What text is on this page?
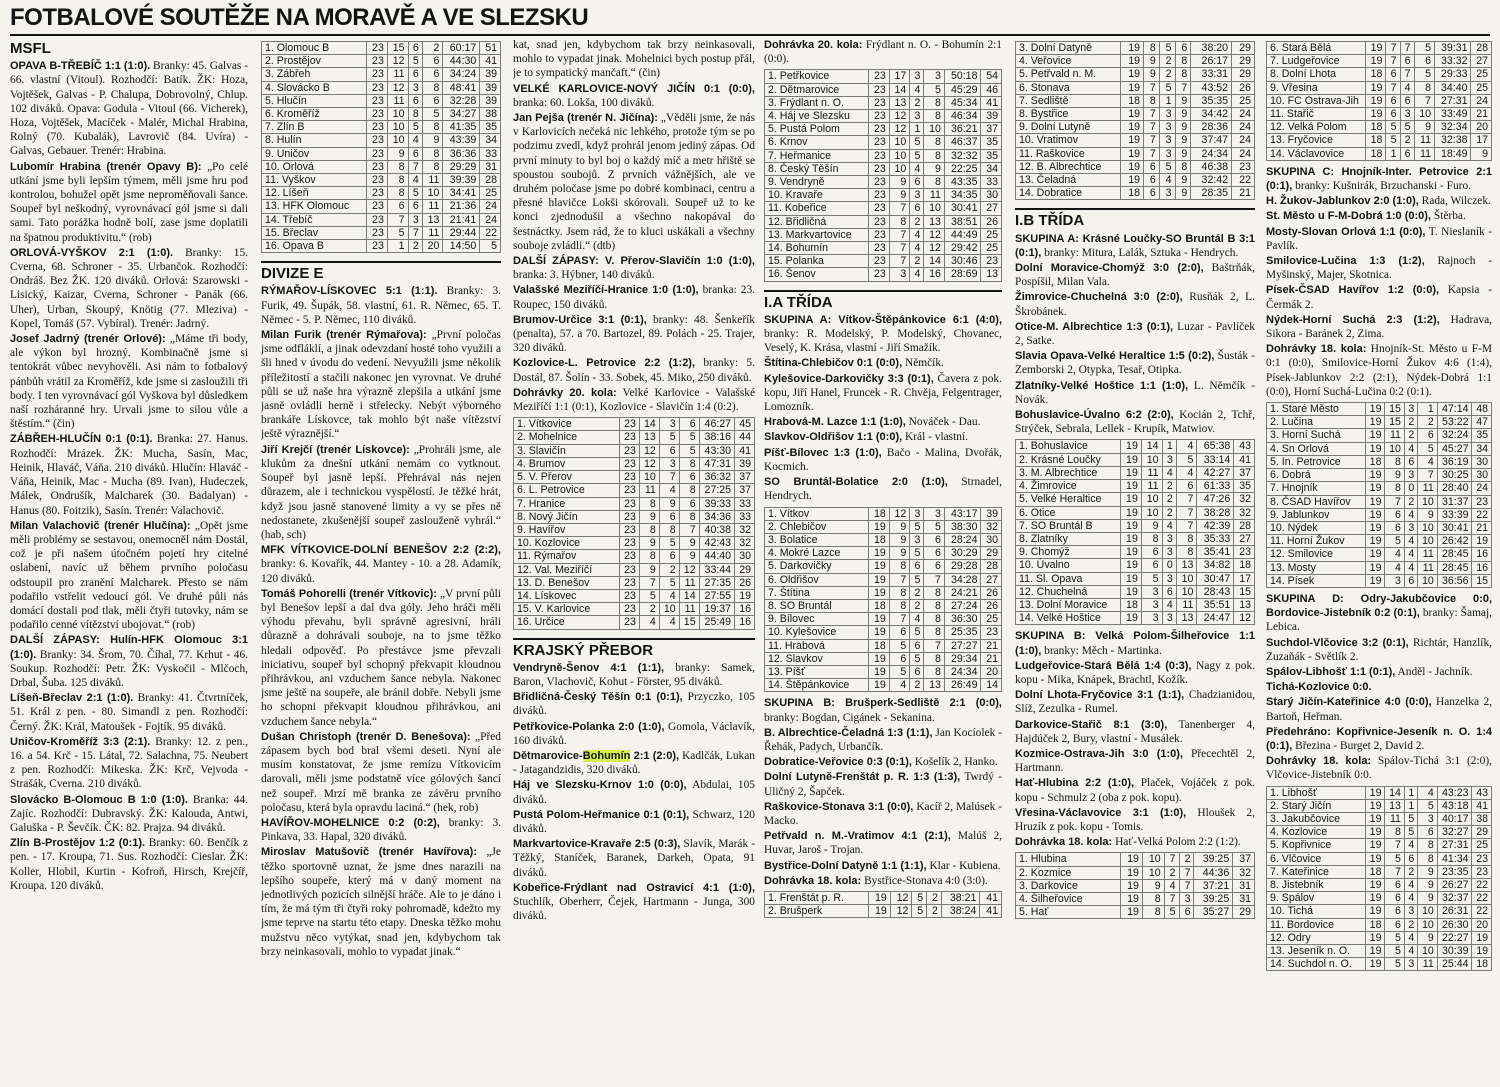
FOTBALOVÉ SOUTĚŽE NA MORAVĚ A VE SLEZSKU
MSFL

OPAVA B-TŘEBÍČ 1:1 (1:0). Branky: 45. Galvas - 66. vlastní (Vitoul). Rozhodčí: Batík. ŽK: Hoza, Vojtěšek, Galvas - P. Chalupa, Dobrovolný, Chlup. 102 diváků. Opava: Godula - Vitoul (66. Vicherek), Hoza, Vojtěšek, Macíček - Malér, Michal Hrabina, Rolný (70. Kubalák), Lavrovič (84. Uvíra) - Galvas, Gebauer. Trenér: Hrabina.

Lubomír Hrabina (trenér Opavy B): „Po celé utkání jsme byli lepším týmem, měli jsme hru pod kontrolou, bohužel opět jsme neproměňovali šance. Soupeř byl neškodný, vyrovnávací gól jsme si dali sami. Tato porážka hodně bolí, zase jsme doplatili na špatnou produktivitu.“ (rob)

ORLOVÁ-VYŠKOV 2:1 (1:0). Branky: 15. Cverna, 68. Schroner - 35. Urbančok. Rozhodčí: Ondráš. Bez ŽK. 120 diváků. Orlová: Szarowski - Lisický, Kaizar, Cverna, Schroner - Panák (66. Uher), Urban, Skoupý, Knötig (77. Mleziva) - Kopel, Tomáš (57. Vybíral). Trenér: Jadrný.

Josef Jadrný (trenér Orlové): „Máme tři body, ale výkon byl hrozný. Kombinačně jsme si tentokrát vůbec nevyhověli. Asi nám to fotbalový pánbůh vrátil za Kroměříž, kde jsme si zasloužili tři body. I ten vyrovnávací gól Vyškova byl důsledkem naší rozháranné hry. Urvali jsme to silou vůle a štěstím.“ (čin)

ZÁBŘEH-HLUČÍN 0:1 (0:1). Branka: 27. Hanus. Rozhodčí: Mrázek. ŽK: Mucha, Sasín, Mac, Heinik, Hlaváč, Váňa. 210 diváků. Hlučín: Hlaváč - Váňa, Heinik, Mac - Mucha (89. Ivan), Hudeczek, Málek, Ondrušík, Malcharek (30. Badalyan) - Hanus (80. Foitzik), Sasín. Trenér: Valachovič.

Milan Valachovič (trenér Hlučína): „Opět jsme měli problémy se sestavou, onemocněl nám Dostál, což je při našem útočném pojetí hry citelné oslabení, navíc už během prvního poločasu odstoupil pro zranění Malcharek. Přesto se nám podařilo vstřelit vedoucí gól. Ve druhé půli nás domácí dostali pod tlak, měli čtyři tutovky, nám se podařilo cenné vítězství ubojovat.“ (rob)

DALŠÍ ZÁPASY: Hulín-HFK Olomouc 3:1 (1:0). Branky: 34. Šrom, 70. Číhal, 77. Krhut - 46. Soukup. Rozhodčí: Petr. ŽK: Vyskočil - Mlčoch, Drbal, Šuba. 125 diváků.

Líšeň-Břeclav 2:1 (1:0). Branky: 41. Čtvrtníček, 51. Král z pen. - 80. Simandl z pen. Rozhodčí: Černý. ŽK: Král, Matoušek - Fojtík. 95 diváků.

Uničov-Kroměříž 3:3 (2:1). Branky: 12. z pen., 16. a 54. Krč - 15. Látal, 72. Salachna, 75. Neubert z pen. Rozhodčí: Mikeska. ŽK: Krč, Vejvoda - Strašák, Cverna. 210 diváků.

Slovácko B-Olomouc B 1:0 (1:0). Branka: 44. Zajíc. Rozhodčí: Dubravský. ŽK: Kalouda, Antwi, Galuška - P. Ševčík. ČK: 82. Prajza. 94 diváků.

Zlín B-Prostějov 1:2 (0:1). Branky: 60. Benčík z pen. - 17. Kroupa, 71. Sus. Rozhodčí: Cieslar. ŽK: Koller, Hlobil, Kurtin - Kofroň, Hirsch, Krejčíř, Kroupa. 120 diváků.

1. Olomouc B	23	15	6	2	60:17	51
2. Prostějov	23	12	5	6	44:30	41
3. Zábřeh	23	11	6	6	34:24	39
4. Slovácko B	23	12	3	8	48:41	39
5. Hlučín	23	11	6	6	32:28	39
6. Kroměříž	23	10	8	5	34:27	38
7. Zlín B	23	10	5	8	41:35	35
8. Hulín	23	10	4	9	43:39	34
9. Uničov	23	9	6	8	36:36	33
10. Orlová	23	8	7	8	29:29	31
11. Vyškov	23	8	4	11	39:39	28
12. Líšeň	23	8	5	10	34:41	25
13. HFK Olomouc	23	6	6	11	21:36	24
14. Třebíč	23	7	3	13	21:41	24
15. Břeclav	23	5	7	11	29:44	22
16. Opava B	23	1	2	20	14:50	5
DIVIZE E

RÝMAŘOV-LÍSKOVEC 5:1 (1:1). Branky: 3. Furik, 49. Šupák, 58. vlastní, 61. R. Němec, 65. T. Němec - 5. P. Němec, 110 diváků.

Milan Furik (trenér Rýmařova): „První poločas jsme odfláklí, a jinak odevzdaní hosté toho využili a šli hned v úvodu do vedení. Nevyužili jsme několik příležitostí a stačili nakonec jen vyrovnat. Ve druhé půli se už naše hra výrazně zlepšila a utkání jsme jasně ovládli herně i střelecky. Nebýt výborného brankáře Lískovce, tak mohlo být naše vítězství ještě výraznější.“

Jiří Krejčí (trenér Lískovce): „Prohráli jsme, ale klukům za dnešní utkání nemám co vytknout. Soupeř byl jasně lepší. Přehrával nás nejen důrazem, ale i technickou vyspělostí. Je těžké hrát, když jsou jasně stanovené limity a vy se přes ně nedostanete, zkušenější soupeř zaslouženě vyhrál.“ (hab, sch)

MFK VÍTKOVICE-DOLNÍ BENEŠOV 2:2 (2:2), branky: 6. Kovařík, 44. Mantey - 10. a 28. Adamík, 120 diváků.

Tomáš Pohorelli (trenér Vítkovic): „V první půli byl Benešov lepší a dal dva góly. Jeho hráči měli výhodu převahu, byli správně agresivní, hráli důrazně a dohrávali souboje, na to jsme těžko hledali odpověď. Po přestávce jsme převzali iniciativu, soupeř byl schopný překvapit kloudnou přihrávkou, ani vzduchem šance nebyla. Nakonec jsme ještě na soupeře, ale bránil dobře. Nebyli jsme ho schopni překvapit kloudnou přihrávkou, ani vzduchem šance nebyla.“

Dušan Christoph (trenér D. Benešova): „Před zápasem bych bod bral všemi deseti. Nyní ale musím konstatovat, že jsme remízu Vítkovicím darovali, měli jsme podstatně více gólových šancí než soupeř. Mrzí mě branka ze závěru prvního poločasu, která byla opravdu laciná.“ (hek, rob)

HAVÍŘOV-MOHELNICE 0:2 (0:2), branky: 3. Pinkava, 33. Hapal, 320 diváků.

Miroslav Matušovič (trenér Havířova): „Je těžko sportovně uznat, že jsme dnes narazili na lepšího soupeře, který má v daný moment na jednotlivých pozicích silnější hráče. Ale to je dáno i tím, že má tým tři čtyři roky pohromadě, kdežto my jsme teprve na startu této etapy. Dneska těžko mohu mužstvu něco vytýkat, snad jen, kdybychom tak brzy neinkasovali, mohlo to vypadat jinak.“

kat, snad jen, kdybychom tak brzy neinkasovali, mohlo to vypadat jinak. Mohelnici bych postup přál, je to sympatický mančaft.“ (čin)

VELKÉ KARLOVICE-NOVÝ JIČÍN 0:1 (0:0), branka: 60. Lokša, 100 diváků.

Jan Pejša (trenér N. Jičína): „Věděli jsme, že nás v Karlovicích nečeká nic lehkého, protože tým se po podzimu zvedl, když prohrál jenom jediný zápas. Od první minuty to byl boj o každý míč a metr hřiště se spoustou soubojů. Z prvních vážnějších, ale ve druhém poločase jsme po dobré kombinaci, centru a přesné hlavičce Lokši skórovali. Soupeř už to ke konci zjednodušil a všechno nakopával do šestnáctky. Jsem rád, že to kluci uskákali a všechny souboje zvládli.“ (dtb)

DALŠÍ ZÁPASY: V. Přerov-Slavičín 1:0 (1:0), branka: 3. Hýbner, 140 diváků.

Valašské Meziříčí-Hranice 1:0 (1:0), branka: 23. Roupec, 150 diváků.

Brumov-Určice 3:1 (0:1), branky: 48. Šenkeřík (penalta), 57. a 70. Bartozel, 89. Polách - 25. Trajer, 320 diváků.

Kozlovice-L. Petrovice 2:2 (1:2), branky: 5. Dostál, 87. Šolín - 33. Sobek, 45. Miko, 250 diváků.

Dohrávky 20. kola: Velké Karlovice - Valašské Meziříčí 1:1 (0:1), Kozlovice - Slavičín 1:4 (0:2).

1. Vítkovice	23	14	3	6	46:27	45
2. Mohelnice	23	13	5	5	38:16	44
3. Slavičín	23	12	6	5	43:30	41
4. Brumov	23	12	3	8	47:31	39
5. V. Přerov	23	10	7	6	36:32	37
6. L. Petrovice	23	11	4	8	27:25	37
7. Hranice	23	8	9	6	39:33	33
8. Nový Jičín	23	9	6	8	34:36	33
9. Havířov	23	8	8	7	40:38	32
10. Kozlovice	23	9	5	9	42:43	32
11. Rýmařov	23	8	6	9	44:40	30
12. Val. Meziříčí	23	9	2	12	33:44	29
13. D. Benešov	23	7	5	11	27:35	26
14. Lískovec	23	5	4	14	27:55	19
15. V. Karlovice	23	2	10	11	19:37	16
16. Určice	23	4	4	15	25:49	16
KRAJSKÝ PŘEBOR

Vendryně-Šenov 4:1 (1:1), branky: Samek, Baron, Vlachovič, Kohut - Förster, 95 diváků.

Břidličná-Český Těšín 0:1 (0:1), Przyczko, 105 diváků.

Petřkovice-Polanka 2:0 (1:0), Gomola, Václavík, 160 diváků.

Dětmarovice-Bohumín 2:1 (2:0), Kadlčák, Lukan - Jatagandzidis, 320 diváků.

Háj ve Slezsku-Krnov 1:0 (0:0), Abdulai, 105 diváků.

Pustá Polom-Heřmanice 0:1 (0:1), Schwarz, 120 diváků.

Markvartovice-Kravaře 2:5 (0:3), Slavík, Marák - Těžký, Staníček, Baranek, Darkeh, Opata, 91 diváků.

Kobeřice-Frýdlant nad Ostravicí 4:1 (1:0), Stuchlík, Oberherr, Čejek, Hartmann - Junga, 300 diváků.

Dohrávka 20. kola: Frýdlant n. O. - Bohumín 2:1 (0:0).

1. Petřkovice	23	17	3	3	50:18	54
2. Dětmarovice	23	14	4	5	45:29	46
3. Frýdlant n. O.	23	13	2	8	45:34	41
4. Háj ve Slezsku	23	12	3	8	46:34	39
5. Pustá Polom	23	12	1	10	36:21	37
6. Krnov	23	10	5	8	46:37	35
7. Heřmanice	23	10	5	8	32:32	35
8. Český Těšín	23	10	4	9	22:25	34
9. Vendryně	23	9	6	8	43:35	33
10. Kravaře	23	9	3	11	34:35	30
11. Kobeřice	23	7	6	10	30:41	27
12. Břidličná	23	8	2	13	38:51	26
13. Markvartovice	23	7	4	12	44:49	25
14. Bohumín	23	7	4	12	29:42	25
15. Polanka	23	7	2	14	30:46	23
16. Šenov	23	3	4	16	28:69	13
I.A TŘÍDA

SKUPINA A: Vítkov-Štěpánkovice 6:1 (4:0), branky: R. Modelský, P. Modelský, Chovanec, Veselý, K. Krása, vlastní - Jiří Smažík.

Štítina-Chlebičov 0:1 (0:0), Němčík.

Kylešovice-Darkovičky 3:3 (0:1), Čavera z pok. kopu, Jiří Hanel, Fruncek - R. Chvěja, Felgentrager, Lomozník.

Hrabová-M. Lazce 1:1 (1:0), Nováček - Dau.

Slavkov-Oldřišov 1:1 (0:0), Král - vlastní.

Píšť-Bílovec 1:3 (1:0), Bačo - Malina, Dvořák, Kocmich.

SO Bruntál-Bolatice 2:0 (1:0), Strnadel, Hendrych.

1. Vítkov	18	12	3	3	43:17	39
2. Chlebičov	19	9	5	5	38:30	32
3. Bolatice	18	9	3	6	28:24	30
4. Mokré Lazce	19	9	5	6	30:29	29
5. Darkovičky	19	8	6	6	29:28	28
6. Oldřišov	19	7	5	7	34:28	27
7. Štítina	19	8	2	8	24:21	26
8. SO Bruntál	18	8	2	8	27:24	26
9. Bílovec	19	7	4	8	36:30	25
10. Kylešovice	19	6	5	8	25:35	23
11. Hrabová	18	5	6	7	27:27	21
12. Slavkov	19	6	5	8	29:34	21
13. Píšť	19	5	6	8	24:34	20
14. Štěpánkovice	19	4	2	13	26:49	14

SKUPINA B: Brušperk-Sedliště 2:1 (0:0), branky: Bogdan, Cigánek - Sekanina.

B. Albrechtice-Čeladná 1:3 (1:1), Jan Kocíolek - Řehák, Padych, Urbančík.

Dobratice-Veřovice 0:3 (0:1), Košelík 2, Hanko.

Dolní Lutyně-Frenštát p. R. 1:3 (1:3), Twrdý - Uličný 2, Šapček.

Raškovice-Stonava 3:1 (0:0), Kacíř 2, Malúsek - Macko.

Petřvald n. M.-Vratimov 4:1 (2:1), Malúš 2, Huvar, Jaroš - Trojan.

Bystřice-Dolní Datyně 1:1 (1:1), Klar - Kubiena.

Dohrávka 18. kola: Bystřice-Stonava 4:0 (3:0).

1. Frenštát p. R.	19	12	5	2	38:21	41
2. Brušperk	19	12	5	2	38:24	41
3. Dolní Datyně	19	8	5	6	38:20	29
4. Veřovice	19	9	2	8	26:17	29
5. Petřvald n. M.	19	9	2	8	33:31	29
6. Stonava	19	7	5	7	43:52	26
7. Sedliště	18	8	1	9	35:35	25
8. Bystřice	19	7	3	9	34:42	24
9. Dolní Lutyně	19	7	3	9	28:36	24
10. Vratimov	19	7	3	9	37:47	24
11. Raškovice	19	7	3	9	24:34	24
12. B. Albrechtice	19	6	5	8	46:38	23
13. Čeladná	19	6	4	9	32:42	22
14. Dobratice	18	6	3	9	28:35	21
I.B TŘÍDA

SKUPINA A: Krásné Loučky-SO Bruntál B 3:1 (0:1), branky: Mitura, Lalák, Sztuka - Hendrych.

Dolní Moravice-Chomýž 3:0 (2:0), Baštrňák, Pospíšil, Milan Vala.

Žimrovice-Chuchelná 3:0 (2:0), Rusňák 2, L. Škrobánek.

Otice-M. Albrechtice 1:3 (0:1), Luzar - Pavlíček 2, Satke.

Slavia Opava-Velké Heraltice 1:5 (0:2), Šusták - Zemborski 2, Otypka, Tesař, Otipka.

Zlatníky-Velké Hoštice 1:1 (1:0), L. Němčík - Novák.

Bohuslavice-Úvalno 6:2 (2:0), Kocián 2, Tchř, Strýček, Sebrala, Lellek - Krupík, Matwiov.

1. Bohuslavice	19	14	1	4	65:38	43
2. Krásné Loučky	19	10	3	5	33:14	41
3. M. Albrechtice	19	11	4	4	42:27	37
4. Žimrovice	19	11	2	6	61:33	35
5. Velké Heraltice	19	10	2	7	47:26	32
6. Otice	19	10	2	7	38:28	32
7. SO Bruntál B	19	9	4	7	42:39	28
8. Zlatníky	19	8	3	8	35:33	27
9. Chomýž	19	6	3	8	35:41	23
10. Úvalno	19	6	0	13	34:82	18
11. Sl. Opava	19	5	3	10	30:47	17
12. Chuchelná	19	3	6	10	28:43	15
13. Dolní Moravice	18	3	4	11	35:51	13
14. Velké Hoštice	19	3	3	13	24:47	12

SKUPINA B: Velká Polom-Šilheřovice 1:1 (1:0), branky: Měch - Martinka.

Ludgeřovice-Stará Bělá 1:4 (0:3), Nagy z pok. kopu - Mika, Knápek, Brachtl, Kožík.

Dolní Lhota-Fryčovice 3:1 (1:1), Chadzianidou, Slíž, Zezulka - Rumel.

Darkovice-Stařič 8:1 (3:0), Tanenberger 4, Hajdúček 2, Bury, vlastní - Musálek.

Kozmice-Ostrava-Jih 3:0 (1:0), Přecechtěl 2, Hartmann.

Hať-Hlubina 2:2 (1:0), Plaček, Vojáček z pok. kopu - Schmulz 2 (oba z pok. kopu).

Vřesina-Václavovice 3:1 (1:0), Hloušek 2, Hruzík z pok. kopu - Tomis.

Dohrávka 18. kola: Hať-Velká Polom 2:2 (1:2).

1. Hlubina	19	10	7	2	39:25	37
2. Kozmice	19	10	2	7	44:36	32
3. Darkovice	19	9	4	7	37:21	31
4. Šilheřovice	19	8	7	3	39:25	31
5. Hať	19	8	5	6	35:27	29
6. Stará Bělá	19	7	7	5	39:31	28
7. Ludgeřovice	19	7	6	6	33:32	27
8. Dolní Lhota	18	6	7	5	29:33	25
9. Vřesina	19	7	4	8	34:40	25
10. FC Ostrava-Jih	19	6	6	7	27:31	24
11. Stařič	19	6	3	10	33:49	21
12. Velká Polom	18	5	5	9	32:34	20
13. Fryčovice	18	5	2	11	32:38	17
14. Václavovice	18	1	6	11	18:49	9

SKUPINA C: Hnojník-Inter. Petrovice 2:1 (0:1), branky: Kušnirák, Brzuchanski - Furo.

H. Žukov-Jablunkov 2:0 (1:0), Rada, Wilczek.

St. Město u F-M-Dobrá 1:0 (0:0), Štěrba.

Mosty-Slovan Orlová 1:1 (0:0), T. Nieslaník - Pavlík.

Smilovice-Lučina 1:3 (1:2), Rajnoch - Myšinský, Majer, Skotnica.

Písek-ČSAD Havířov 1:2 (0:0), Kapsia - Čermák 2.

Nýdek-Horní Suchá 2:3 (1:2), Hadrava, Sikora - Baránek 2, Zima.

Dohrávky 18. kola: Hnojník-St. Město u F-M 0:1 (0:0), Smilovice-Horní Žukov 4:6 (1:4), Písek-Jablunkov 2:2 (2:1), Nýdek-Dobrá 1:1 (0:0), Horní Suchá-Lučina 0:2 (0:1).

1. Staré Město	19	15	3	1	47:14	48
2. Lučina	19	15	2	2	53:22	47
3. Horní Suchá	19	11	2	6	32:24	35
4. Sn Orlová	19	10	4	5	45:27	34
5. In. Petrovice	18	8	6	4	36:19	30
6. Dobrá	19	9	3	7	30:25	30
7. Hnojník	19	8	0	11	28:40	24
8. ČSAD Havířov	19	7	2	10	31:37	23
9. Jablunkov	19	6	4	9	33:39	22
10. Nýdek	19	6	3	10	30:41	21
11. Horní Žukov	19	5	4	10	26:42	19
12. Smilovice	19	4	4	11	28:45	16
13. Mosty	19	4	4	11	28:45	16
14. Písek	19	3	6	10	36:56	15

SKUPINA D: Odry-Jakubčovice 0:0, Bordovice-Jistebník 0:2 (0:1), branky: Šamaj, Lebica.

Suchdol-Vlčovice 3:2 (0:1), Richtár, Hanzlík, Zuzaňák - Světlík 2.

Spálov-Libhošť 1:1 (0:1), Anděl - Jachník.

Tichá-Kozlovice 0:0.

Starý Jičín-Kateřinice 4:0 (0:0), Hanzelka 2, Bartoň, Heřman.

Předehráno: Kopřivnice-Jeseník n. O. 1:4 (0:1), Březina - Burget 2, David 2.

Dohrávky 18. kola: Spálov-Tichá 3:1 (2:0), Vlčovice-Jistebník 0:0.

1. Libhošť	19	14	1	4	43:23	43
2. Starý Jičín	19	13	1	5	43:18	41
3. Jakubčovice	19	11	5	3	40:17	38
4. Kozlovice	19	8	5	6	32:27	29
5. Kopřivnice	19	7	4	8	27:31	25
6. Vlčovice	19	5	6	8	41:34	23
7. Kateřinice	18	7	2	9	23:35	23
8. Jistebník	19	6	4	9	26:27	22
9. Spálov	19	6	4	9	32:37	22
10. Tichá	19	6	3	10	26:31	22
11. Bordovice	18	6	2	10	26:30	20
12. Odry	19	5	4	9	22:27	19
13. Jeseník n. O.	19	5	4	10	30:39	19
14. Suchdol n. O.	19	5	3	11	25:44	18
